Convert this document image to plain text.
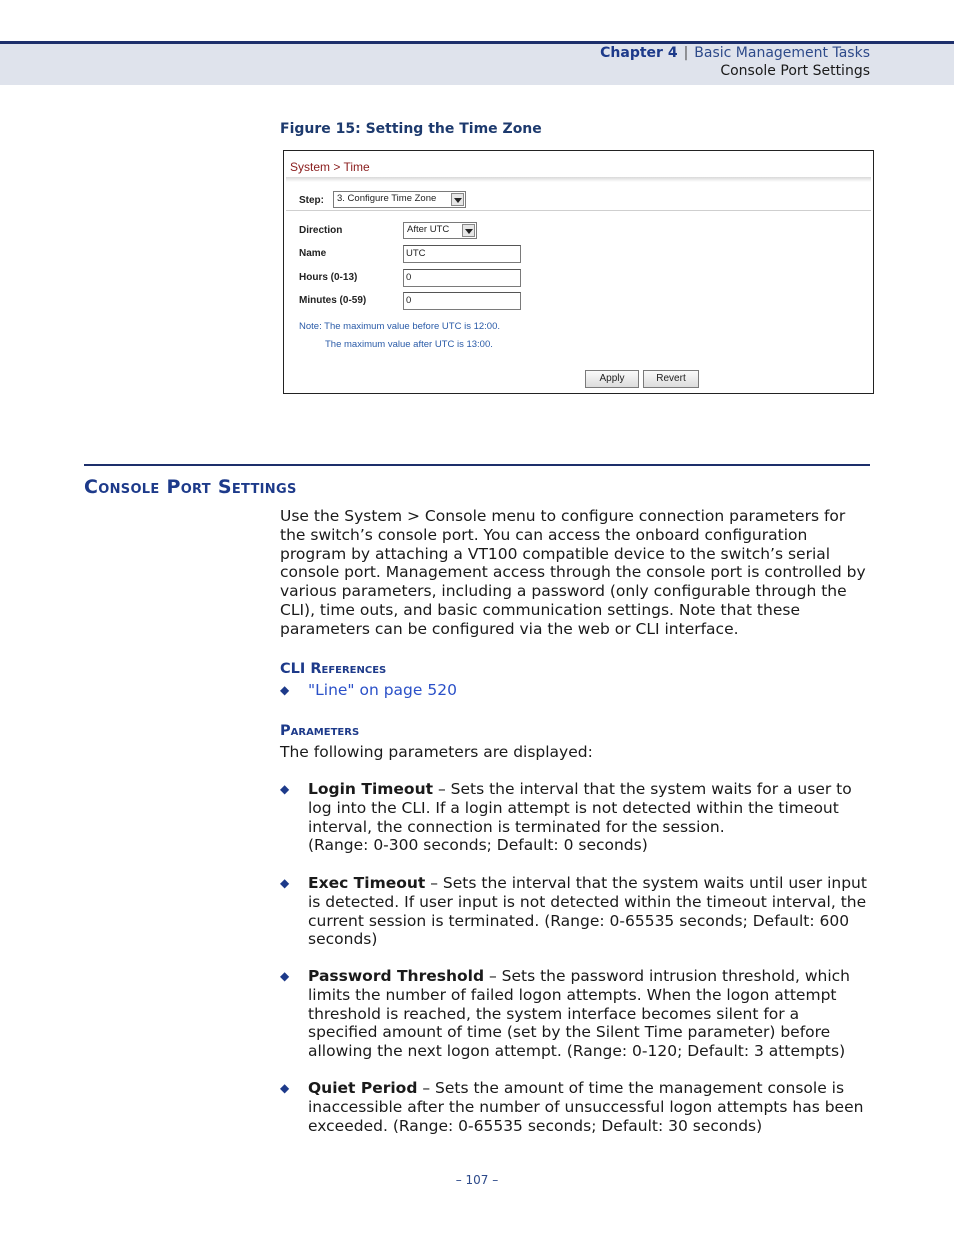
Chapter 4 | Basic Management Tasks
Console Port Settings
Figure 15: Setting the Time Zone
System > Time
Step:	3. Configure Time Zone
Direction	After UTC
Name	UTC
Hours (0-13)	0
Minutes (0-59)	0
Note: The maximum value before UTC is 12:00.
The maximum value after UTC is 13:00.
Apply	Revert
Console Port Settings
Use the System > Console menu to configure connection parameters for the switch’s console port. You can access the onboard configuration program by attaching a VT100 compatible device to the switch’s serial console port. Management access through the console port is controlled by various parameters, including a password (only configurable through the CLI), time outs, and basic communication settings. Note that these parameters can be configured via the web or CLI interface.
CLI References
◆ "Line" on page 520
Parameters
The following parameters are displayed:
◆ Login Timeout – Sets the interval that the system waits for a user to log into the CLI. If a login attempt is not detected within the timeout interval, the connection is terminated for the session.
(Range: 0-300 seconds; Default: 0 seconds)
◆ Exec Timeout – Sets the interval that the system waits until user input is detected. If user input is not detected within the timeout interval, the current session is terminated. (Range: 0-65535 seconds; Default: 600 seconds)
◆ Password Threshold – Sets the password intrusion threshold, which limits the number of failed logon attempts. When the logon attempt threshold is reached, the system interface becomes silent for a specified amount of time (set by the Silent Time parameter) before allowing the next logon attempt. (Range: 0-120; Default: 3 attempts)
◆ Quiet Period – Sets the amount of time the management console is inaccessible after the number of unsuccessful logon attempts has been exceeded. (Range: 0-65535 seconds; Default: 30 seconds)
– 107 –
